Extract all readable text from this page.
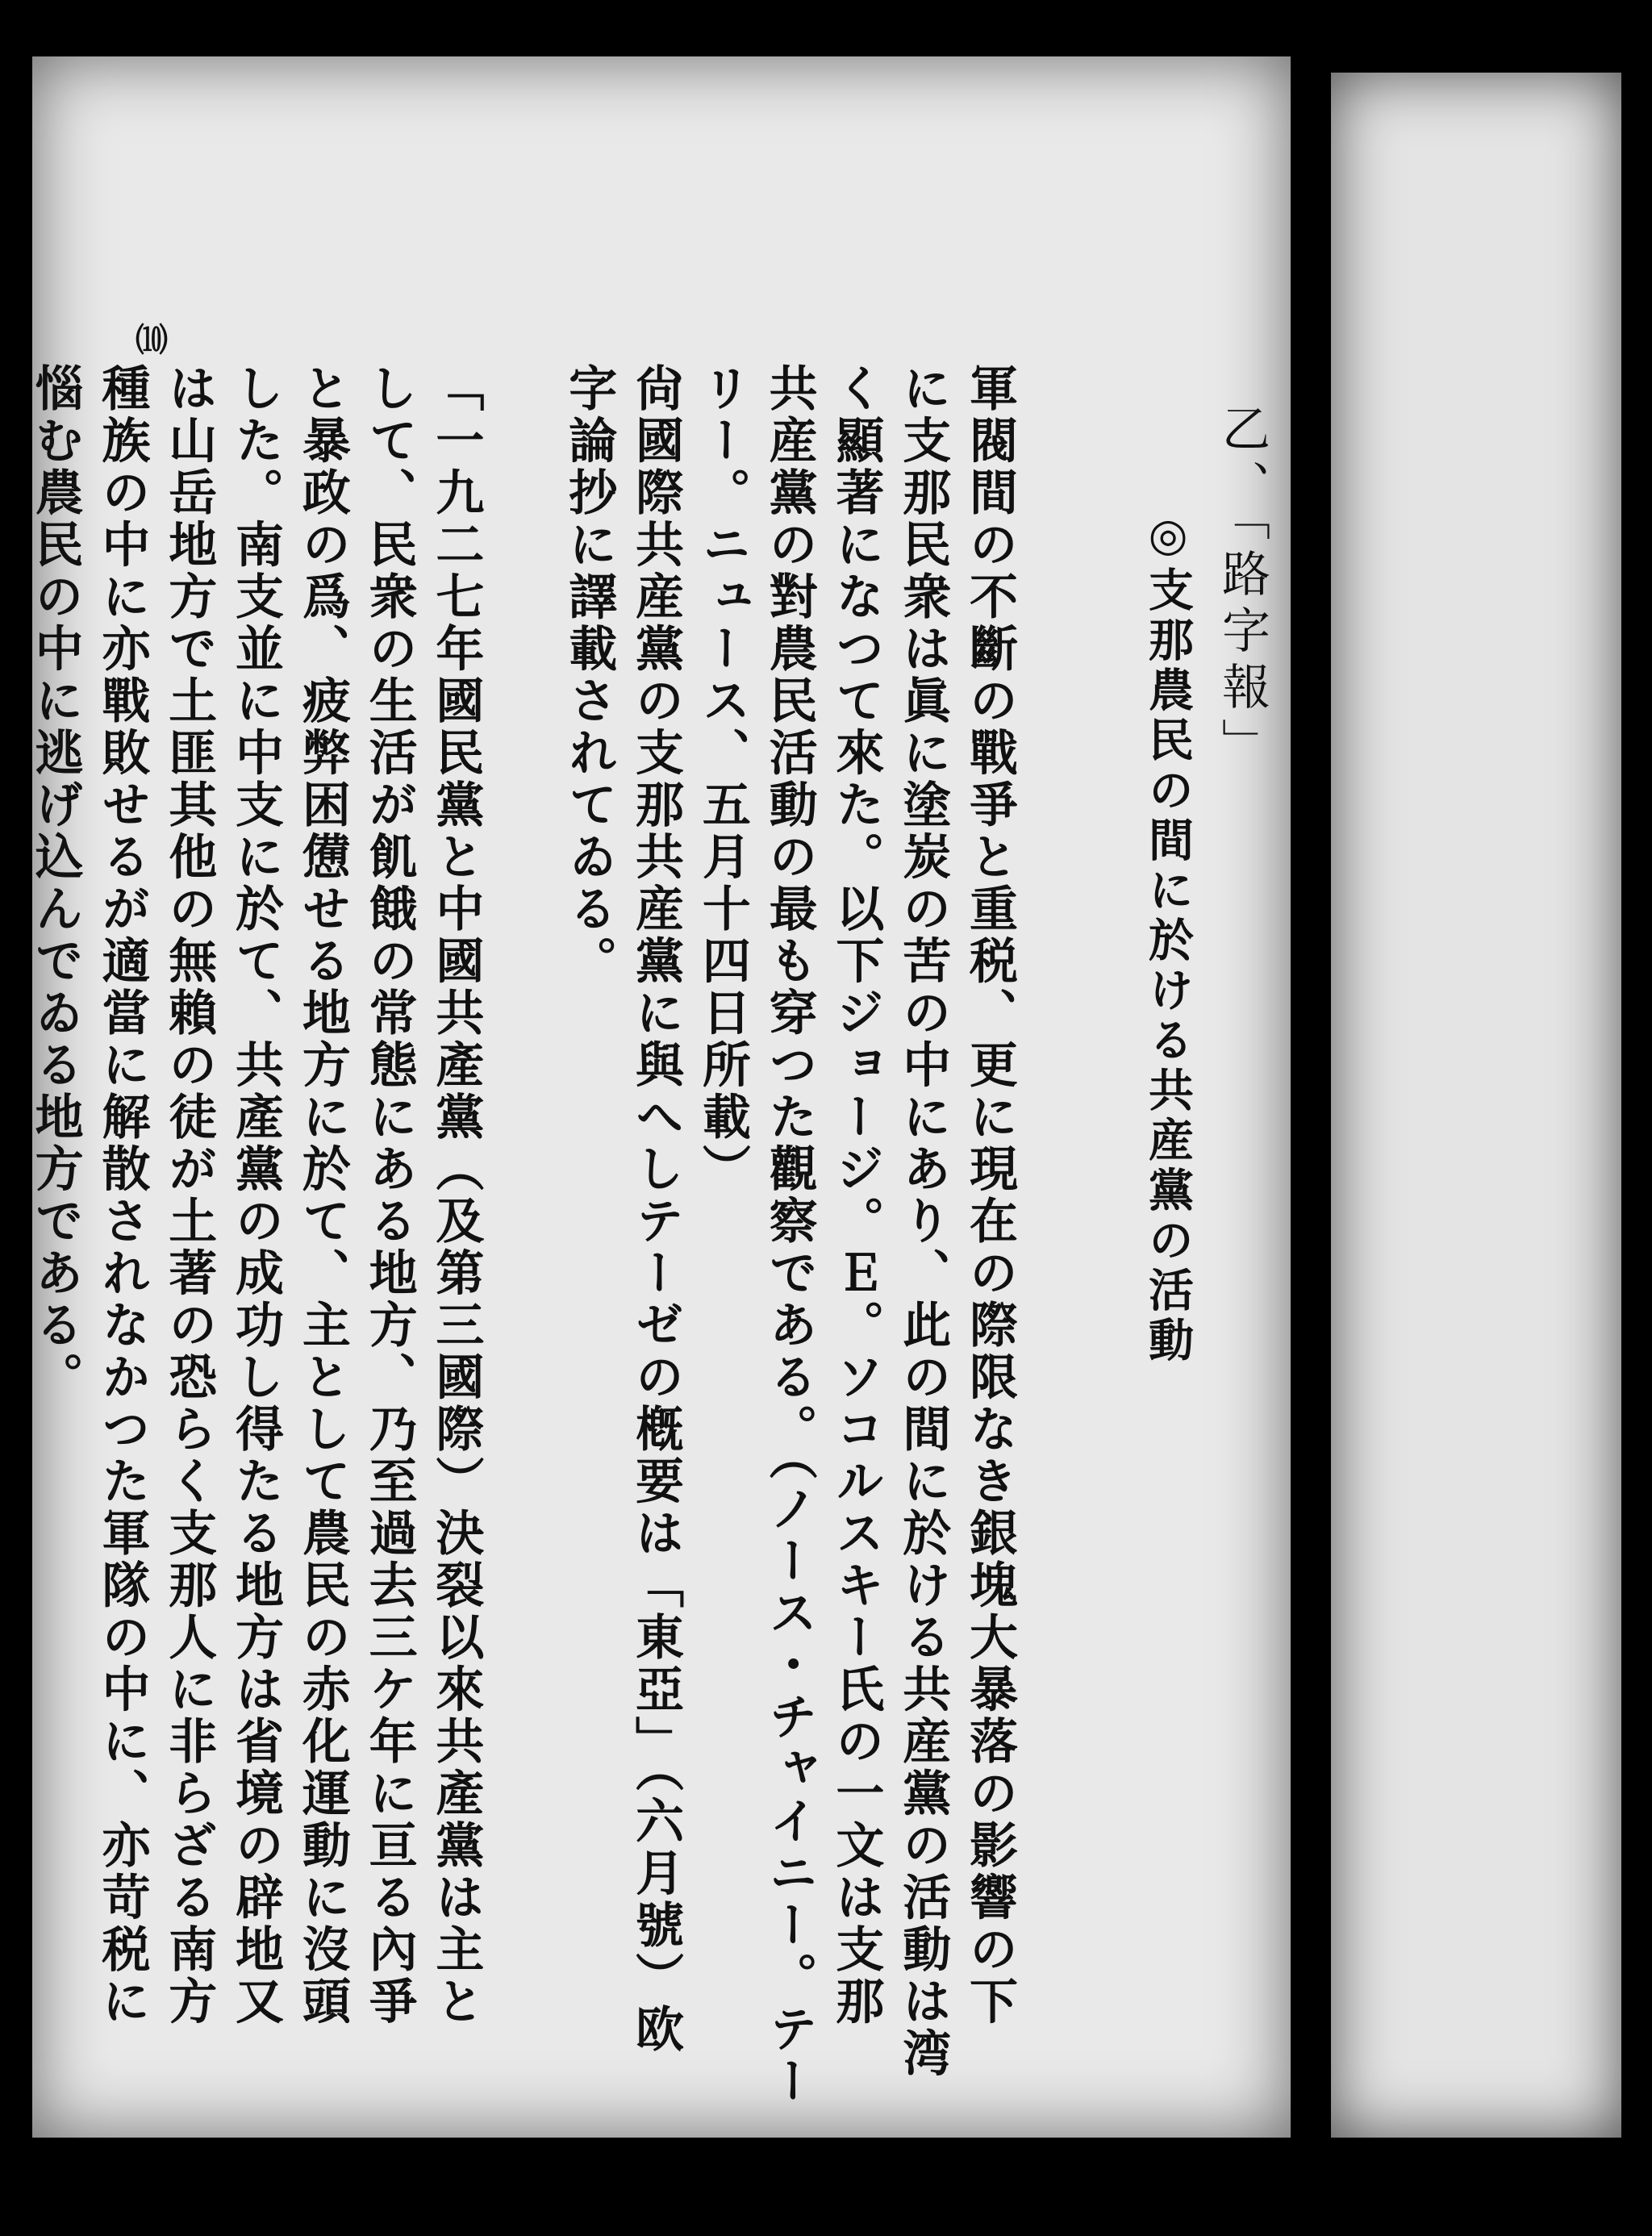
⑽
乙、「路字報」
◎支那農民の間に於ける共産黨の活動

軍閥間の不斷の戰爭と重税、更に現在の際限なき銀塊大暴落の影響の下

に支那民衆は眞に塗炭の苦の中にあり、此の間に於ける共産黨の活動は湾

く顯著になつて來た。以下ジョージ。Ｅ。ソコルスキー氏の一文は支那

共産黨の對農民活動の最も穿つた觀察である。（ノース・チャイニー。テー

リー。ニュース、五月十四日所載）

尙國際共産黨の支那共産黨に與へしテーゼの槪要は「東亞」（六月號）欧

字論抄に譯載されてゐる。

「一九二七年國民黨と中國共產黨（及第三國際）決裂以來共產黨は主と

して、民衆の生活が飢餓の常態にある地方、乃至過去三ケ年に亘る內爭

と暴政の爲、疲弊困憊せる地方に於て、主として農民の赤化運動に沒頭

した。南支並に中支に於て、共產黨の成功し得たる地方は省境の辟地又

は山岳地方で土匪其他の無賴の徒が土著の恐らく支那人に非らざる南方

種族の中に亦戰敗せるが適當に解散されなかつた軍隊の中に、亦苛税に

惱む農民の中に逃げ込んでゐる地方である。
